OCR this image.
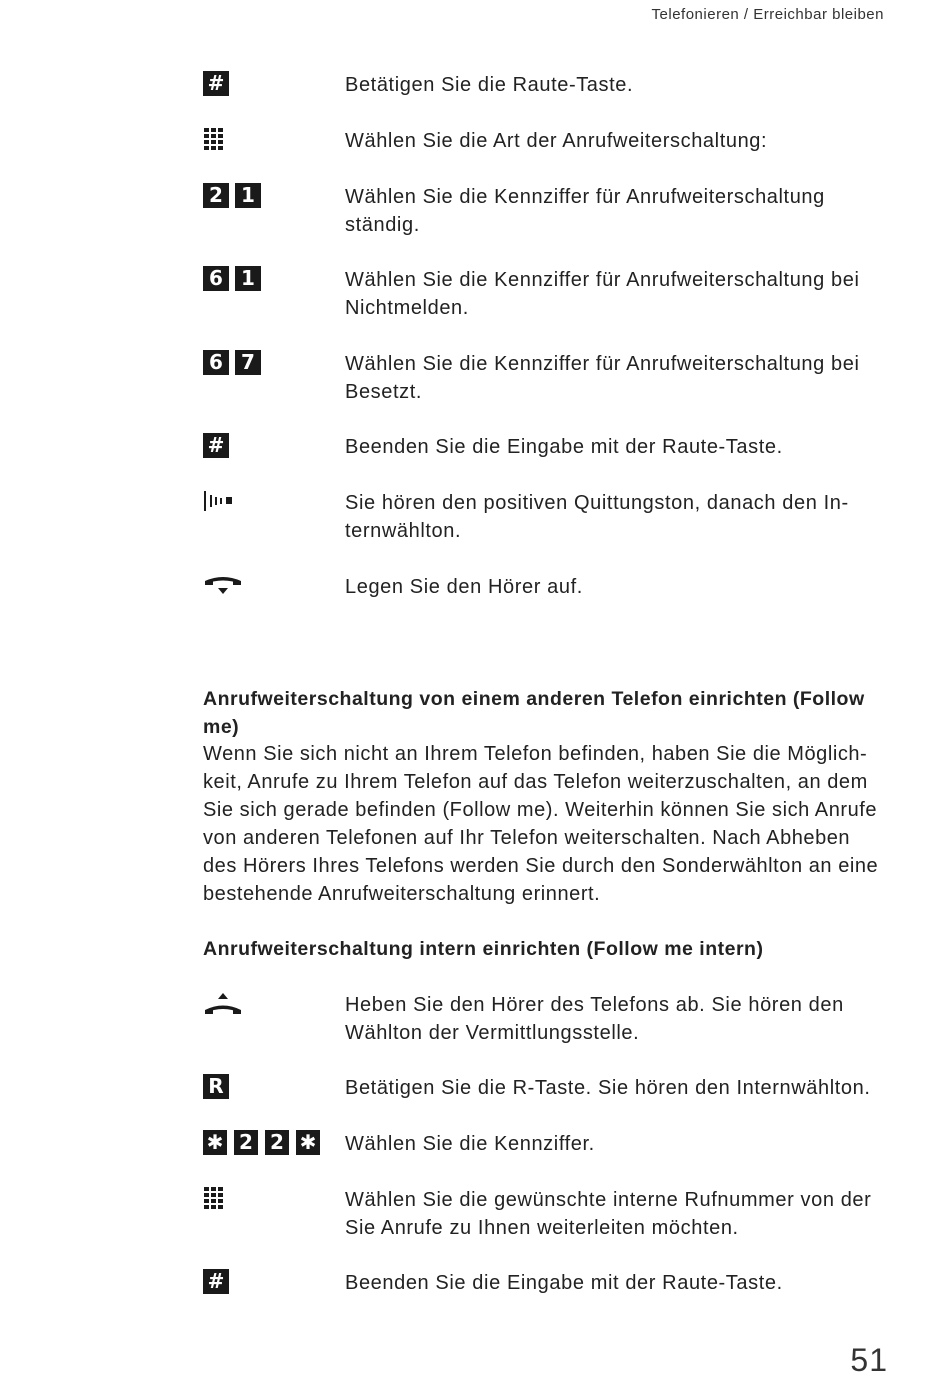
Telefonieren / Erreichbar bleiben
#	Betätigen Sie die Raute-Taste.
Wählen Sie die Art der Anrufweiterschaltung:
2 1	Wählen Sie die Kennziffer für Anrufweiterschaltung
ständig.
6 1	Wählen Sie die Kennziffer für Anrufweiterschaltung bei
Nichtmelden.
6 7	Wählen Sie die Kennziffer für Anrufweiterschaltung bei
Besetzt.
#	Beenden Sie die Eingabe mit der Raute-Taste.
Sie hören den positiven Quittungston, danach den In-
ternwählton.
Legen Sie den Hörer auf.
Anrufweiterschaltung von einem anderen Telefon einrichten (Follow
me)
Wenn Sie sich nicht an Ihrem Telefon befinden, haben Sie die Möglich-
keit, Anrufe zu Ihrem Telefon auf das Telefon weiterzuschalten, an dem
Sie sich gerade befinden (Follow me). Weiterhin können Sie sich Anrufe
von anderen Telefonen auf Ihr Telefon weiterschalten. Nach Abheben
des Hörers Ihres Telefons werden Sie durch den Sonderwählton an eine
bestehende Anrufweiterschaltung erinnert.
Anrufweiterschaltung intern einrichten (Follow me intern)
Heben Sie den Hörer des Telefons ab. Sie hören den
Wählton der Vermittlungsstelle.
R	Betätigen Sie die R-Taste. Sie hören den Internwählton.
✱ 2 2 ✱ Wählen Sie die Kennziffer.
Wählen Sie die gewünschte interne Rufnummer von der
Sie Anrufe zu Ihnen weiterleiten möchten.
#	Beenden Sie die Eingabe mit der Raute-Taste.
51
